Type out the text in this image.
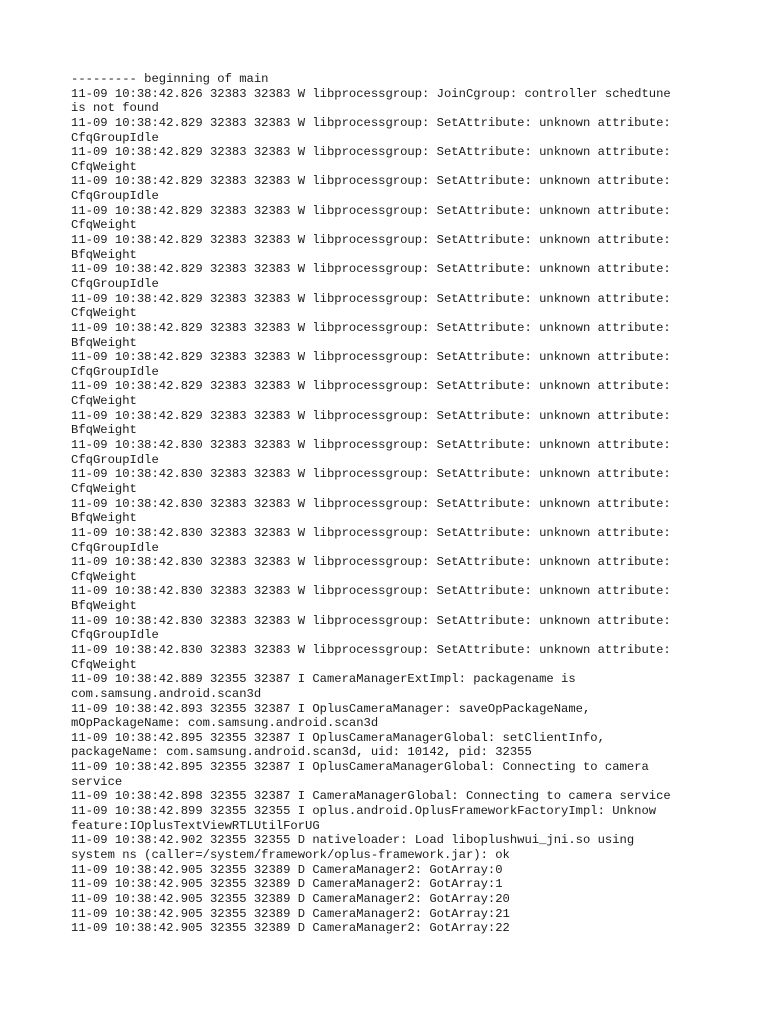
--------- beginning of main
11-09 10:38:42.826 32383 32383 W libprocessgroup: JoinCgroup: controller schedtune
is not found
11-09 10:38:42.829 32383 32383 W libprocessgroup: SetAttribute: unknown attribute:
CfqGroupIdle
11-09 10:38:42.829 32383 32383 W libprocessgroup: SetAttribute: unknown attribute:
CfqWeight
11-09 10:38:42.829 32383 32383 W libprocessgroup: SetAttribute: unknown attribute:
CfqGroupIdle
11-09 10:38:42.829 32383 32383 W libprocessgroup: SetAttribute: unknown attribute:
CfqWeight
11-09 10:38:42.829 32383 32383 W libprocessgroup: SetAttribute: unknown attribute:
BfqWeight
11-09 10:38:42.829 32383 32383 W libprocessgroup: SetAttribute: unknown attribute:
CfqGroupIdle
11-09 10:38:42.829 32383 32383 W libprocessgroup: SetAttribute: unknown attribute:
CfqWeight
11-09 10:38:42.829 32383 32383 W libprocessgroup: SetAttribute: unknown attribute:
BfqWeight
11-09 10:38:42.829 32383 32383 W libprocessgroup: SetAttribute: unknown attribute:
CfqGroupIdle
11-09 10:38:42.829 32383 32383 W libprocessgroup: SetAttribute: unknown attribute:
CfqWeight
11-09 10:38:42.829 32383 32383 W libprocessgroup: SetAttribute: unknown attribute:
BfqWeight
11-09 10:38:42.830 32383 32383 W libprocessgroup: SetAttribute: unknown attribute:
CfqGroupIdle
11-09 10:38:42.830 32383 32383 W libprocessgroup: SetAttribute: unknown attribute:
CfqWeight
11-09 10:38:42.830 32383 32383 W libprocessgroup: SetAttribute: unknown attribute:
BfqWeight
11-09 10:38:42.830 32383 32383 W libprocessgroup: SetAttribute: unknown attribute:
CfqGroupIdle
11-09 10:38:42.830 32383 32383 W libprocessgroup: SetAttribute: unknown attribute:
CfqWeight
11-09 10:38:42.830 32383 32383 W libprocessgroup: SetAttribute: unknown attribute:
BfqWeight
11-09 10:38:42.830 32383 32383 W libprocessgroup: SetAttribute: unknown attribute:
CfqGroupIdle
11-09 10:38:42.830 32383 32383 W libprocessgroup: SetAttribute: unknown attribute:
CfqWeight
11-09 10:38:42.889 32355 32387 I CameraManagerExtImpl: packagename is
com.samsung.android.scan3d
11-09 10:38:42.893 32355 32387 I OplusCameraManager: saveOpPackageName,
mOpPackageName: com.samsung.android.scan3d
11-09 10:38:42.895 32355 32387 I OplusCameraManagerGlobal: setClientInfo,
packageName: com.samsung.android.scan3d, uid: 10142, pid: 32355
11-09 10:38:42.895 32355 32387 I OplusCameraManagerGlobal: Connecting to camera
service
11-09 10:38:42.898 32355 32387 I CameraManagerGlobal: Connecting to camera service
11-09 10:38:42.899 32355 32355 I oplus.android.OplusFrameworkFactoryImpl: Unknow
feature:IOplusTextViewRTLUtilForUG
11-09 10:38:42.902 32355 32355 D nativeloader: Load liboplushwui_jni.so using
system ns (caller=/system/framework/oplus-framework.jar): ok
11-09 10:38:42.905 32355 32389 D CameraManager2: GotArray:0
11-09 10:38:42.905 32355 32389 D CameraManager2: GotArray:1
11-09 10:38:42.905 32355 32389 D CameraManager2: GotArray:20
11-09 10:38:42.905 32355 32389 D CameraManager2: GotArray:21
11-09 10:38:42.905 32355 32389 D CameraManager2: GotArray:22
